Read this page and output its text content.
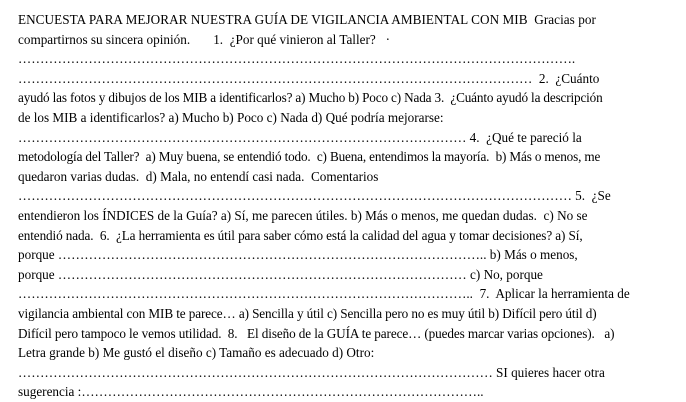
ENCUESTA PARA MEJORAR NUESTRA GUÍA DE VIGILANCIA AMBIENTAL CON MIB  Gracias por
compartirnos su sincera opinión.       1.  ¿Por qué vinieron al Taller?   ·
……………………………………………………………………………………………………………….
………………………………………………………………………………………………………  2.  ¿Cuánto
ayudó las fotos y dibujos de los MIB a identificarlos? a) Mucho b) Poco c) Nada 3.  ¿Cuánto ayudó la descripción
de los MIB a identificarlos? a) Mucho b) Poco c) Nada d) Qué podría mejorarse:
………………………………………………………………………………………… 4.  ¿Qué te pareció la
metodología del Taller?  a) Muy buena, se entendió todo.  c) Buena, entendimos la mayoría.  b) Más o menos, me
quedaron varias dudas.  d) Mala, no entendí casi nada.  Comentarios
……………………………………………………………………………………………………………… 5.  ¿Se
entendieron los ÍNDICES de la Guía? a) Sí, me parecen útiles. b) Más o menos, me quedan dudas.  c) No se
entendió nada.  6.  ¿La herramienta es útil para saber cómo está la calidad del agua y tomar decisiones? a) Sí,
porque …………………………………………………………………………………….. b) Más o menos,
porque ………………………………………………………………………………… c) No, porque
…………………………………………………………………………………………..  7.  Aplicar la herramienta de
vigilancia ambiental con MIB te parece… a) Sencilla y útil c) Sencilla pero no es muy útil b) Difícil pero útil d)
Difícil pero tampoco le vemos utilidad.  8.   El diseño de la GUÍA te parece… (puedes marcar varias opciones).   a)
Letra grande b) Me gustó el diseño c) Tamaño es adecuado d) Otro:
……………………………………………………………………………………………… SI quieres hacer otra
sugerencia :………………………………………………………………………………..
